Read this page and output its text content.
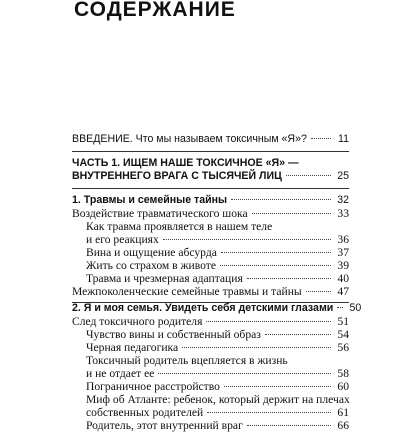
СОДЕРЖАНИЕ
ВВЕДЕНИЕ. Что мы называем токсичным «Я»?	11
ЧАСТЬ 1. ИЩЕМ НАШЕ ТОКСИЧНОЕ «Я» —
ВНУТРЕННЕГО ВРАГА С ТЫСЯЧЕЙ ЛИЦ	25
1. Травмы и семейные тайны	32
Воздействие травматического шока	33
Как травма проявляется в нашем теле
и его реакциях	36
Вина и ощущение абсурда	37
Жить со страхом в животе	39
Травма и чрезмерная адаптация	40
Межпоколенческие семейные травмы и тайны	47
2. Я и моя семья. Увидеть себя детскими глазами 50
След токсичного родителя	51
Чувство вины и собственный образ	54
Черная педагогика	56
Токсичный родитель вцепляется в жизнь
и не отдает ее	58
Пограничное расстройство	60
Миф об Атланте: ребенок, который держит на плечах
собственных родителей	61
Родитель, этот внутренний враг	66
